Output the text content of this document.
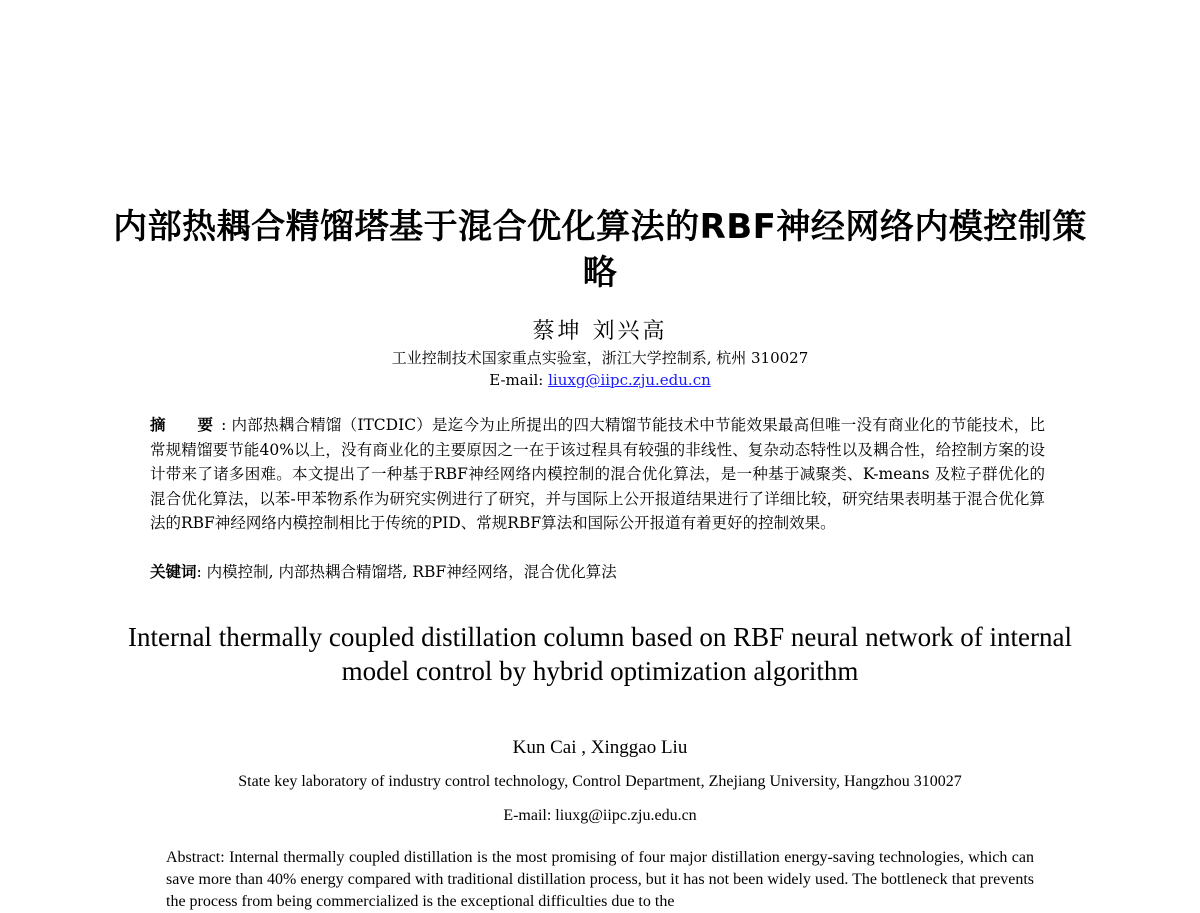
内部热耦合精馏塔基于混合优化算法的RBF神经网络内模控制策略
蔡坤 刘兴高
工业控制技术国家重点实验室，浙江大学控制系, 杭州 310027
E-mail: liuxg@iipc.zju.edu.cn
摘　要: 内部热耦合精馏（ITCDIC）是迄今为止所提出的四大精馏节能技术中节能效果最高但唯一没有商业化的节能技术，比常规精馏要节能40%以上，没有商业化的主要原因之一在于该过程具有较强的非线性、复杂动态特性以及耦合性，给控制方案的设计带来了诸多困难。本文提出了一种基于RBF神经网络内模控制的混合优化算法，是一种基于减聚类、K-means 及粒子群优化的混合优化算法，以苯-甲苯物系作为研究实例进行了研究，并与国际上公开报道结果进行了详细比较，研究结果表明基于混合优化算法的RBF神经网络内模控制相比于传统的PID、常规RBF算法和国际公开报道有着更好的控制效果。
关键词: 内模控制, 内部热耦合精馏塔, RBF神经网络，混合优化算法
Internal thermally coupled distillation column based on RBF neural network of internal model control by hybrid optimization algorithm
Kun Cai , Xinggao Liu
State key laboratory of industry control technology, Control Department, Zhejiang University, Hangzhou 310027
E-mail: liuxg@iipc.zju.edu.cn
Abstract: Internal thermally coupled distillation is the most promising of four major distillation energy-saving technologies, which can save more than 40% energy compared with traditional distillation process, but it has not been widely used. The bottleneck that prevents the process from being commercialized is the exceptional difficulties due to the
